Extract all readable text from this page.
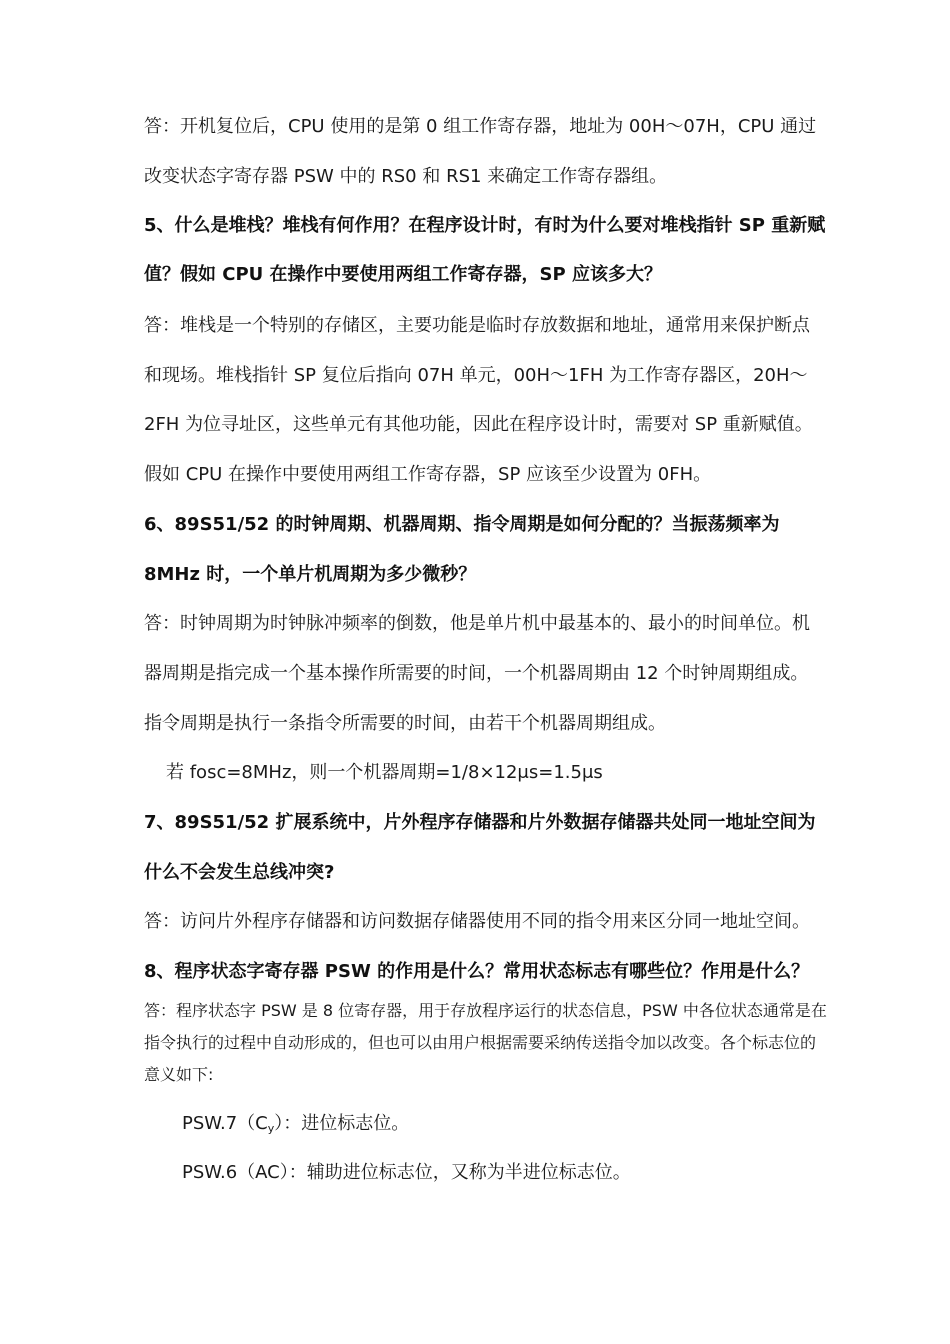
答：开机复位后，CPU 使用的是第 0 组工作寄存器，地址为 00H～07H，CPU 通过
改变状态字寄存器 PSW 中的 RS0 和 RS1 来确定工作寄存器组。
5、什么是堆栈？堆栈有何作用？在程序设计时，有时为什么要对堆栈指针 SP 重新赋
值？假如 CPU 在操作中要使用两组工作寄存器，SP 应该多大？
答：堆栈是一个特别的存储区，主要功能是临时存放数据和地址，通常用来保护断点
和现场。堆栈指针 SP 复位后指向 07H 单元，00H～1FH 为工作寄存器区，20H～
2FH 为位寻址区，这些单元有其他功能，因此在程序设计时，需要对 SP 重新赋值。
假如 CPU 在操作中要使用两组工作寄存器，SP 应该至少设置为 0FH。
6、89S51/52 的时钟周期、机器周期、指令周期是如何分配的？当振荡频率为
8MHz 时，一个单片机周期为多少微秒？
答：时钟周期为时钟脉冲频率的倒数，他是单片机中最基本的、最小的时间单位。机
器周期是指完成一个基本操作所需要的时间，一个机器周期由 12 个时钟周期组成。
指令周期是执行一条指令所需要的时间，由若干个机器周期组成。
若 fosc=8MHz，则一个机器周期=1/8×12μs=1.5μs
7、89S51/52 扩展系统中，片外程序存储器和片外数据存储器共处同一地址空间为
什么不会发生总线冲突?
答：访问片外程序存储器和访问数据存储器使用不同的指令用来区分同一地址空间。
8、程序状态字寄存器 PSW 的作用是什么？常用状态标志有哪些位？作用是什么？
答：程序状态字 PSW 是 8 位寄存器，用于存放程序运行的状态信息，PSW 中各位状态通常是在
指令执行的过程中自动形成的，但也可以由用户根据需要采纳传送指令加以改变。各个标志位的
意义如下:
$PSW.7(C_y)$：进位标志位。
PSW.6（AC）：辅助进位标志位，又称为半进位标志位。
